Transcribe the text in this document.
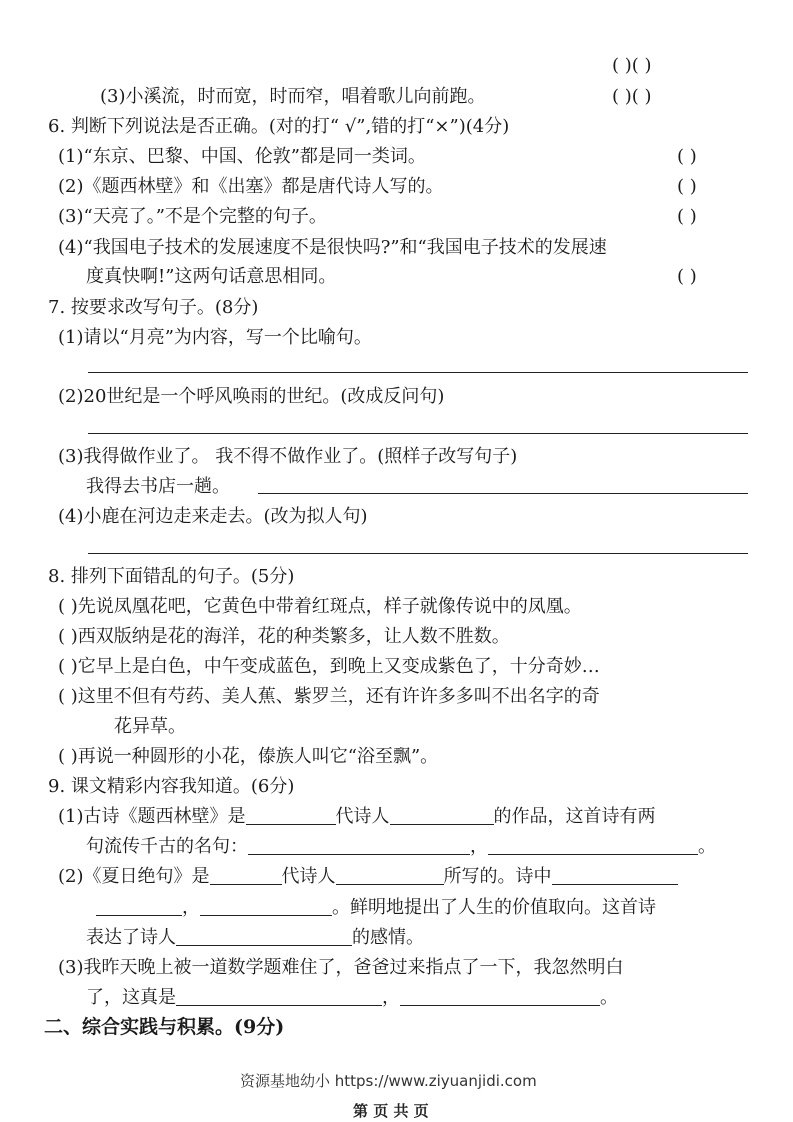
( )( )
(3)小溪流，时而宽，时而窄，唱着歌儿向前跑。	( )( )
6. 判断下列说法是否正确。(对的打“ √”,错的打“×”)(4分)
(1)“东京、巴黎、中国、伦敦”都是同一类词。	( )
(2)《题西林壁》和《出塞》都是唐代诗人写的。	( )
(3)“天亮了。”不是个完整的句子。	( )
(4)“我国电子技术的发展速度不是很快吗?”和“我国电子技术的发展速
度真快啊!”这两句话意思相同。	( )
7. 按要求改写句子。(8分)
(1)请以“月亮”为内容，写一个比喻句。
(2)20世纪是一个呼风唤雨的世纪。(改成反问句)
(3)我得做作业了。 我不得不做作业了。(照样子改写句子)
我得去书店一趟。
(4)小鹿在河边走来走去。(改为拟人句)
8. 排列下面错乱的句子。(5分)
( )先说凤凰花吧，它黄色中带着红斑点，样子就像传说中的凤凰。
( )西双版纳是花的海洋，花的种类繁多，让人数不胜数。
( )它早上是白色，中午变成蓝色，到晚上又变成紫色了，十分奇妙…
( )这里不但有芍药、美人蕉、紫罗兰，还有许许多多叫不出名字的奇
花异草。
( )再说一种圆形的小花，傣族人叫它“浴至飘”。
9. 课文精彩内容我知道。(6分)
(1)古诗《题西林壁》是	代诗人	的作品，这首诗有两
句流传千古的名句：	，	。
(2)《夏日绝句》是	代诗人	所写的。诗中
，	。鲜明地提出了人生的价值取向。这首诗
表达了诗人	的感情。
(3)我昨天晚上被一道数学题难住了，爸爸过来指点了一下，我忽然明白
了，这真是	，	。
二、综合实践与积累。(9分)
资源基地幼小 https://www.ziyuanjidi.com
第 页 共 页
